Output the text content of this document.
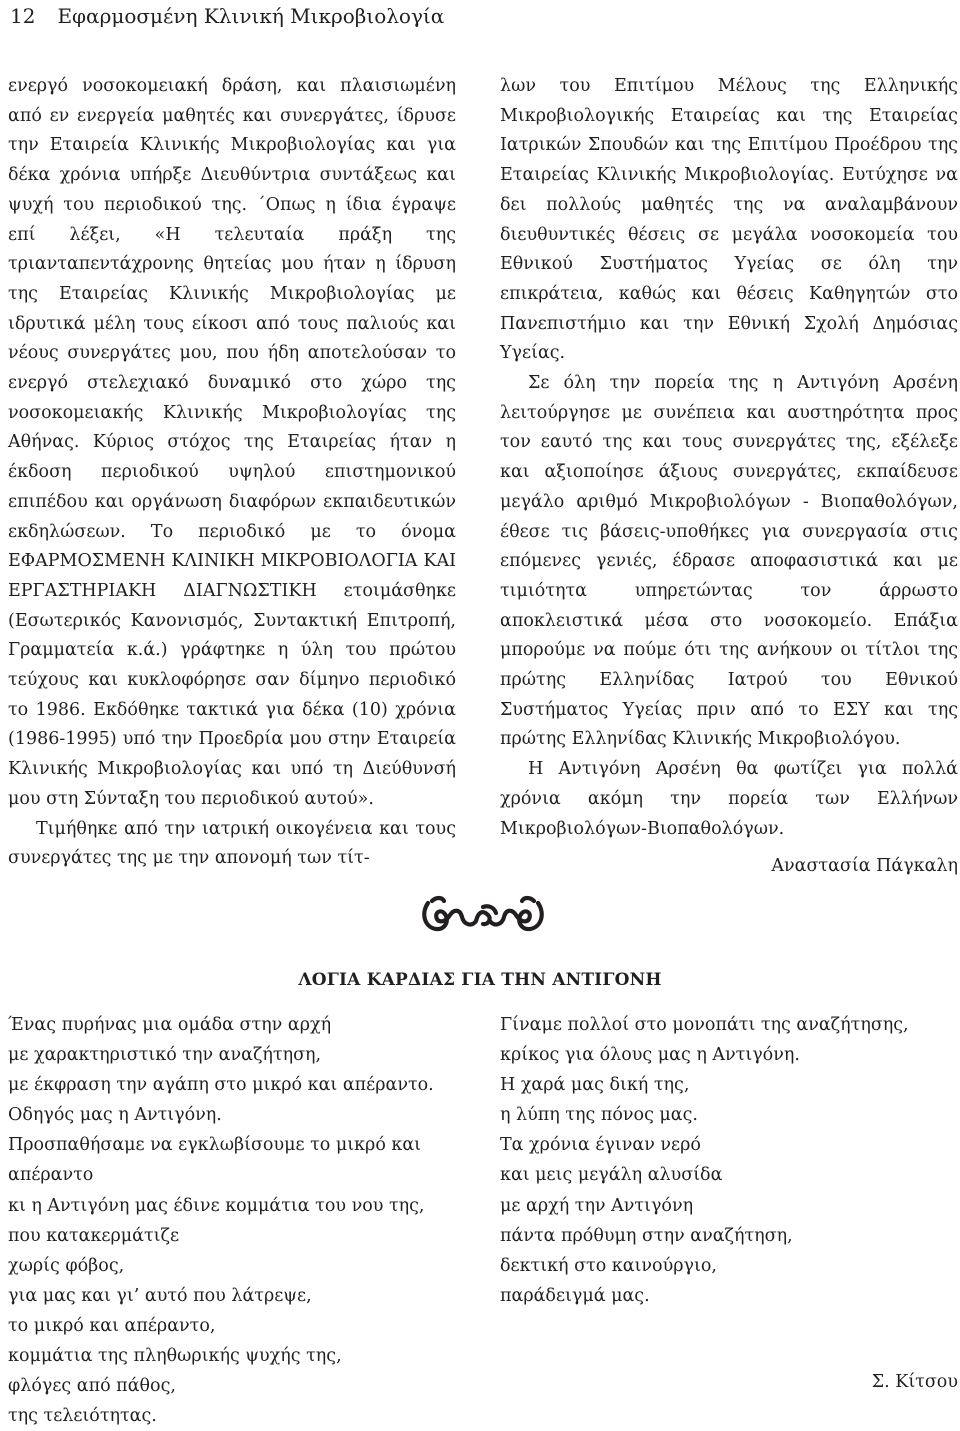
12 Εφαρμοσμένη Κλινική Μικροβιολογία

ενεργό νοσοκομειακή δράση, και πλαισιωμένη από εν ενεργεία μαθητές και συνεργάτες, ίδρυσε την Εταιρεία Κλινικής Μικροβιολογίας και για δέκα χρόνια υπήρξε Διευθύντρια συντάξεως και ψυχή του περιοδικού της. ΄Οπως η ίδια έγραψε επί λέξει, «Η τελευταία πράξη της τριανταπεντάχρονης θητείας μου ήταν η ίδρυση της Εταιρείας Κλινικής Μικροβιολογίας με ιδρυτικά μέλη τους είκοσι από τους παλιούς και νέους συνεργάτες μου, που ήδη αποτελούσαν το ενεργό στελεχιακό δυναμικό στο χώρο της νοσοκομειακής Κλινικής Μικροβιολογίας της Αθήνας. Κύριος στόχος της Εταιρείας ήταν η έκδοση περιοδικού υψηλού επιστημονικού επιπέδου και οργάνωση διαφόρων εκπαιδευτικών εκδηλώσεων. Το περιοδικό με το όνομα ΕΦΑΡΜΟΣΜΕΝΗ ΚΛΙΝΙΚΗ ΜΙΚΡΟΒΙΟΛΟΓΙΑ ΚΑΙ ΕΡΓΑΣΤΗΡΙΑΚΗ ΔΙΑΓΝΩΣΤΙΚΗ ετοιμάσθηκε (Εσωτερικός Κανονισμός, Συντακτική Επιτροπή, Γραμματεία κ.ά.) γράφτηκε η ύλη του πρώτου τεύχους και κυκλοφόρησε σαν δίμηνο περιοδικό το 1986. Εκδόθηκε τακτικά για δέκα (10) χρόνια (1986-1995) υπό την Προεδρία μου στην Εταιρεία Κλινικής Μικροβιολογίας και υπό τη Διεύθυνσή μου στη Σύνταξη του περιοδικού αυτού».

Τιμήθηκε από την ιατρική οικογένεια και τους συνεργάτες της με την απονομή των τίτ-

λων του Επιτίμου Μέλους της Ελληνικής Μικροβιολογικής Εταιρείας και της Εταιρείας Ιατρικών Σπουδών και της Επιτίμου Προέδρου της Εταιρείας Κλινικής Μικροβιολογίας. Ευτύχησε να δει πολλούς μαθητές της να αναλαμβάνουν διευθυντικές θέσεις σε μεγάλα νοσοκομεία του Εθνικού Συστήματος Υγείας σε όλη την επικράτεια, καθώς και θέσεις Καθηγητών στο Πανεπιστήμιο και την Εθνική Σχολή Δημόσιας Υγείας.

Σε όλη την πορεία της η Αντιγόνη Αρσένη λειτούργησε με συνέπεια και αυστηρότητα προς τον εαυτό της και τους συνεργάτες της, εξέλεξε και αξιοποίησε άξιους συνεργάτες, εκπαίδευσε μεγάλο αριθμό Μικροβιολόγων - Βιοπαθολόγων, έθεσε τις βάσεις-υποθήκες για συνεργασία στις επόμενες γενιές, έδρασε αποφασιστικά και με τιμιότητα υπηρετώντας τον άρρωστο αποκλειστικά μέσα στο νοσοκομείο. Επάξια μπορούμε να πούμε ότι της ανήκουν οι τίτλοι της πρώτης Ελληνίδας Ιατρού του Εθνικού Συστήματος Υγείας πριν από το ΕΣΥ και της πρώτης Ελληνίδας Κλινικής Μικροβιολόγου.

Η Αντιγόνη Αρσένη θα φωτίζει για πολλά χρόνια ακόμη την πορεία των Ελλήνων Μικροβιολόγων-Βιοπαθολόγων.

Αναστασία Πάγκαλη
ΛΟΓΙΑ ΚΑΡΔΙΑΣ ΓΙΑ ΤΗΝ ΑΝΤΙΓΟΝΗ
Ένας πυρήνας μια ομάδα στην αρχή
με χαρακτηριστικό την αναζήτηση,
με έκφραση την αγάπη στο μικρό και απέραντο.
Οδηγός μας η Αντιγόνη.
Προσπαθήσαμε να εγκλωβίσουμε το μικρό και
απέραντο
κι η Αντιγόνη μας έδινε κομμάτια του νου της,
που κατακερμάτιζε
χωρίς φόβος,
για μας και γι’ αυτό που λάτρεψε,
το μικρό και απέραντο,
κομμάτια της πληθωρικής ψυχής της,
φλόγες από πάθος,
της τελειότητας.
Γίναμε πολλοί στο μονοπάτι της αναζήτησης,
κρίκος για όλους μας η Αντιγόνη.
Η χαρά μας δική της,
η λύπη της πόνος μας.
Τα χρόνια έγιναν νερό
και μεις μεγάλη αλυσίδα
με αρχή την Αντιγόνη
πάντα πρόθυμη στην αναζήτηση,
δεκτική στο καινούργιο,
παράδειγμά μας.
Σ. Κίτσου
